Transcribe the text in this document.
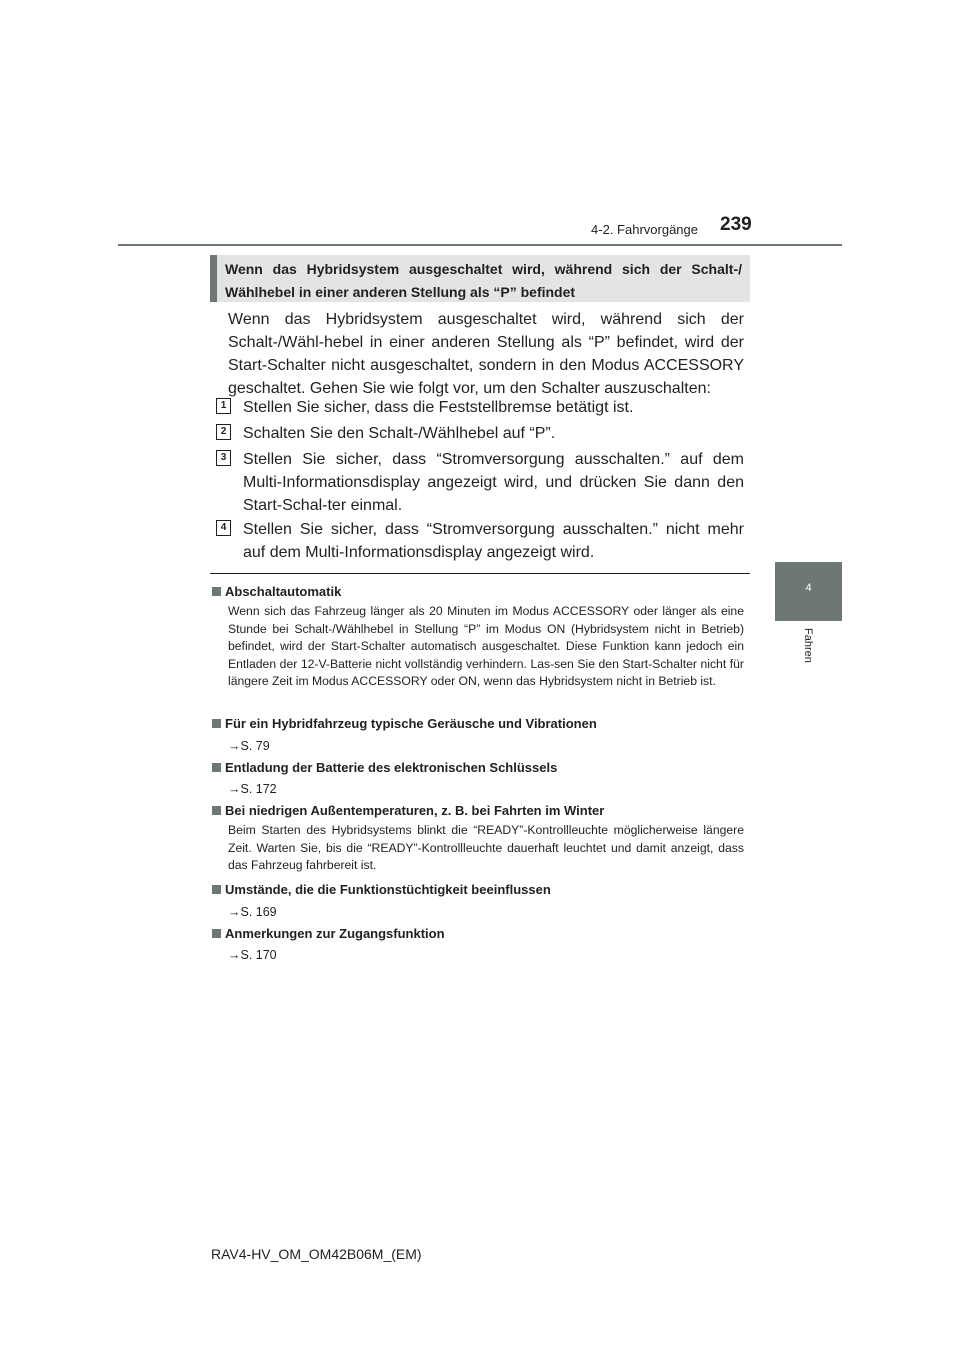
4-2. Fahrvorgänge 239
4
Fahren
Wenn das Hybridsystem ausgeschaltet wird, während sich der Schalt-/ Wählhebel in einer anderen Stellung als “P” befindet
Wenn das Hybridsystem ausgeschaltet wird, während sich der Schalt-/Wähl-hebel in einer anderen Stellung als “P” befindet, wird der Start-Schalter nicht ausgeschaltet, sondern in den Modus ACCESSORY geschaltet. Gehen Sie wie folgt vor, um den Schalter auszuschalten:
1 Stellen Sie sicher, dass die Feststellbremse betätigt ist.
2 Schalten Sie den Schalt-/Wählhebel auf “P”.
3 Stellen Sie sicher, dass “Stromversorgung ausschalten.” auf dem Multi-Informationsdisplay angezeigt wird, und drücken Sie dann den Start-Schal-ter einmal.
4 Stellen Sie sicher, dass “Stromversorgung ausschalten.” nicht mehr auf dem Multi-Informationsdisplay angezeigt wird.
Abschaltautomatik
Wenn sich das Fahrzeug länger als 20 Minuten im Modus ACCESSORY oder länger als eine Stunde bei Schalt-/Wählhebel in Stellung “P” im Modus ON (Hybridsystem nicht in Betrieb) befindet, wird der Start-Schalter automatisch ausgeschaltet. Diese Funktion kann jedoch ein Entladen der 12-V-Batterie nicht vollständig verhindern. Las-sen Sie den Start-Schalter nicht für längere Zeit im Modus ACCESSORY oder ON, wenn das Hybridsystem nicht in Betrieb ist.
Für ein Hybridfahrzeug typische Geräusche und Vibrationen
→S. 79
Entladung der Batterie des elektronischen Schlüssels
→S. 172
Bei niedrigen Außentemperaturen, z. B. bei Fahrten im Winter
Beim Starten des Hybridsystems blinkt die “READY”-Kontrollleuchte möglicherweise längere Zeit. Warten Sie, bis die “READY”-Kontrollleuchte dauerhaft leuchtet und damit anzeigt, dass das Fahrzeug fahrbereit ist.
Umstände, die die Funktionstüchtigkeit beeinflussen
→S. 169
Anmerkungen zur Zugangsfunktion
→S. 170
RAV4-HV_OM_OM42B06M_(EM)
